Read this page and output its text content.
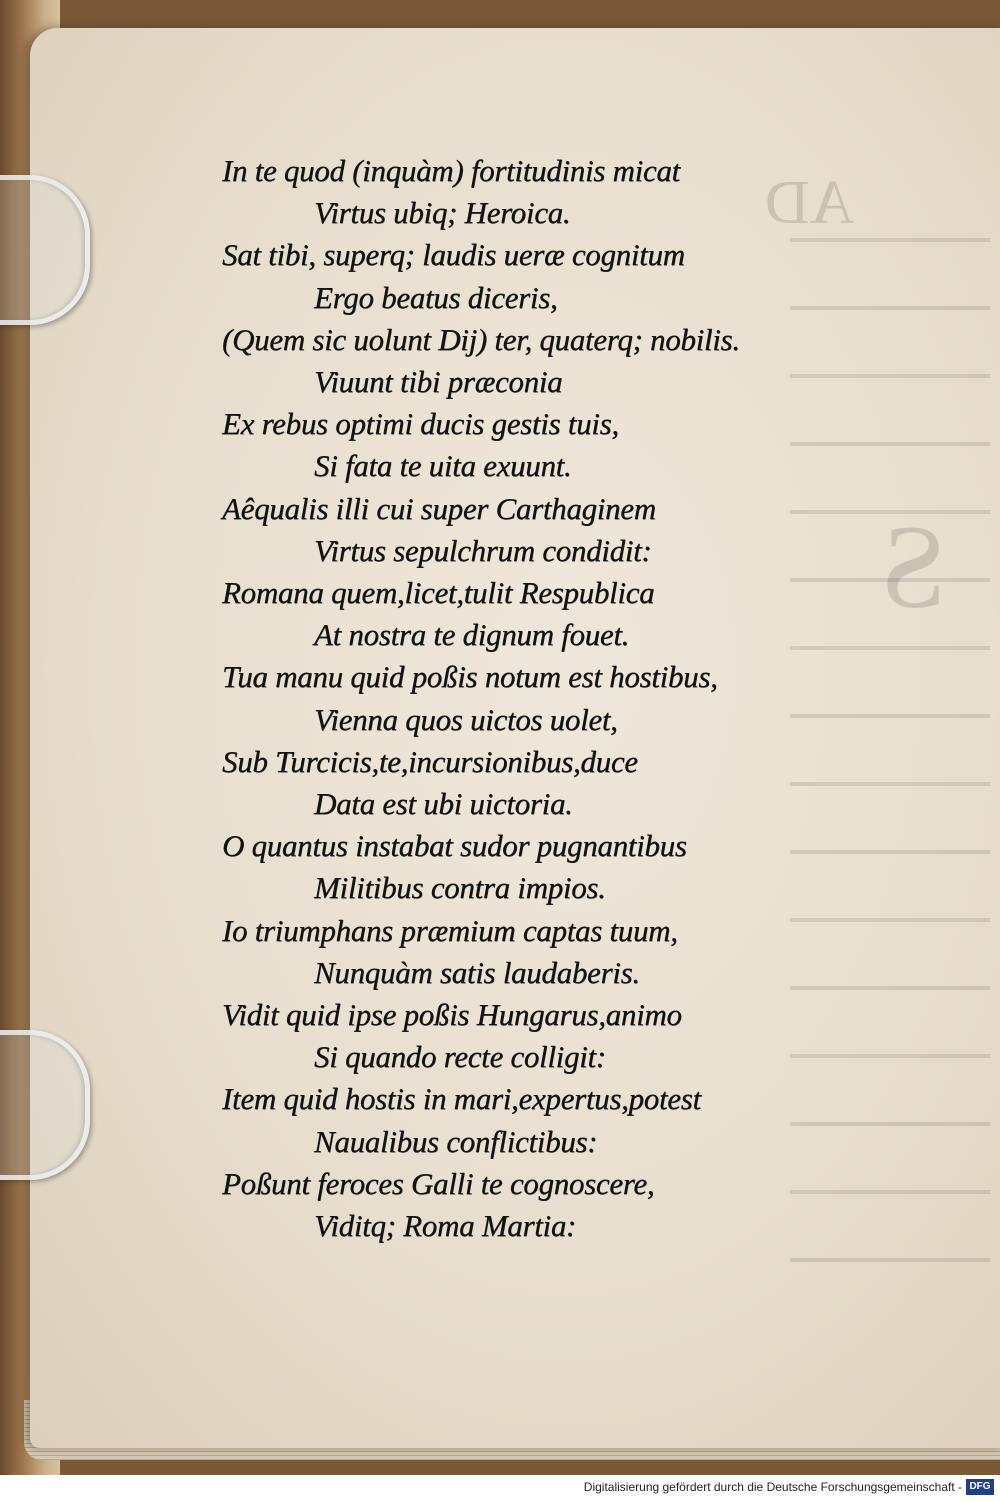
AD
S
In te quod (inquàm) fortitudinis micat
Virtus ubiq; Heroica.
Sat tibi, superq; laudis ueræ cognitum
Ergo beatus diceris,
(Quem sic uolunt Dij) ter, quaterq; nobilis.
Viuunt tibi præconia
Ex rebus optimi ducis gestis tuis,
Si fata te uita exuunt.
Aêqualis illi cui super Carthaginem
Virtus sepulchrum condidit:
Romana quem,licet,tulit Respublica
At nostra te dignum fouet.
Tua manu quid poßis notum est hostibus,
Vienna quos uictos uolet,
Sub Turcicis,te,incursionibus,duce
Data est ubi uictoria.
O quantus instabat sudor pugnantibus
Militibus contra impios.
Io triumphans præmium captas tuum,
Nunquàm satis laudaberis.
Vidit quid ipse poßis Hungarus,animo
Si quando recte colligit:
Item quid hostis in mari,expertus,potest
Naualibus conflictibus:
Poßunt feroces Galli te cognoscere,
Viditq; Roma Martia:
Digitalisierung gefördert durch die Deutsche Forschungsgemeinschaft - DFG
